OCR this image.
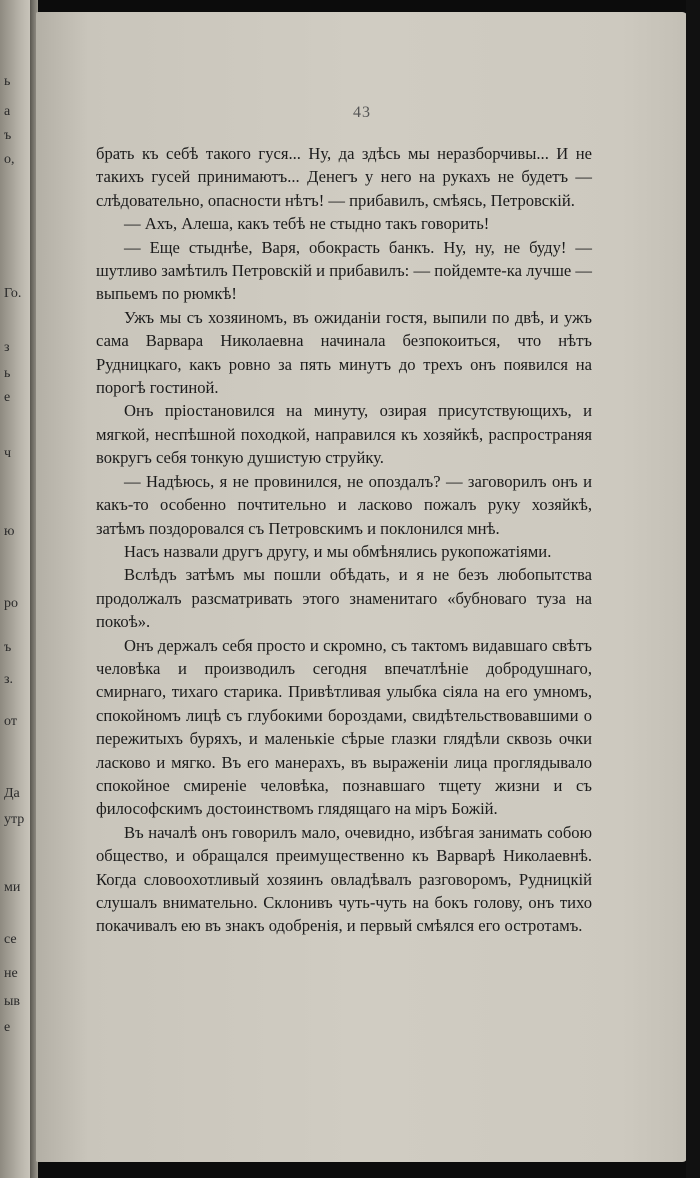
ь
а
ъ
о,
Го.
з
ь
е
ч
ю
ро
ъ
з.
от
Да
утр
ми
се
не
ыв
е
43

брать къ себѣ такого гуся... Ну, да здѣсь мы неразборчивы... И не такихъ гусей принимаютъ... Денегъ у него на рукахъ не будетъ — слѣдовательно, опасности нѣтъ! — прибавилъ, смѣясь, Петровскій.

— Ахъ, Алеша, какъ тебѣ не стыдно такъ говорить!

— Еще стыднѣе, Варя, обокрасть банкъ. Ну, ну, не буду! — шутливо замѣтилъ Петровскій и прибавилъ: — пойдемте-ка лучше — выпьемъ по рюмкѣ!

Ужъ мы съ хозяиномъ, въ ожиданіи гостя, выпили по двѣ, и ужъ сама Варвара Николаевна начинала безпокоиться, что нѣтъ Рудницкаго, какъ ровно за пять минутъ до трехъ онъ появился на порогѣ гостиной.

Онъ пріостановился на минуту, озирая присутствующихъ, и мягкой, неспѣшной походкой, направился къ хозяйкѣ, распространяя вокругъ себя тонкую душистую струйку.

— Надѣюсь, я не провинился, не опоздалъ? — заговорилъ онъ и какъ-то особенно почтительно и ласково пожалъ руку хозяйкѣ, затѣмъ поздоровался съ Петровскимъ и поклонился мнѣ.

Насъ назвали другъ другу, и мы обмѣнялись рукопожатіями.

Вслѣдъ затѣмъ мы пошли обѣдать, и я не безъ любопытства продолжалъ разсматривать этого знаменитаго «бубноваго туза на покоѣ».

Онъ держалъ себя просто и скромно, съ тактомъ видавшаго свѣтъ человѣка и производилъ сегодня впечатлѣніе добродушнаго, смирнаго, тихаго старика. Привѣтливая улыбка сіяла на его умномъ, спокойномъ лицѣ съ глубокими бороздами, свидѣтельствовавшими о пережитыхъ буряхъ, и маленькіе сѣрые глазки глядѣли сквозь очки ласково и мягко. Въ его манерахъ, въ выраженіи лица проглядывало спокойное смиреніе человѣка, познавшаго тщету жизни и съ философскимъ достоинствомъ глядящаго на міръ Божій.

Въ началѣ онъ говорилъ мало, очевидно, избѣгая занимать собою общество, и обращался преимущественно къ Варварѣ Николаевнѣ. Когда словоохотливый хозяинъ овладѣвалъ разговоромъ, Рудницкій слушалъ внимательно. Склонивъ чуть-чуть на бокъ голову, онъ тихо покачивалъ ею въ знакъ одобренія, и первый смѣялся его остротамъ.
